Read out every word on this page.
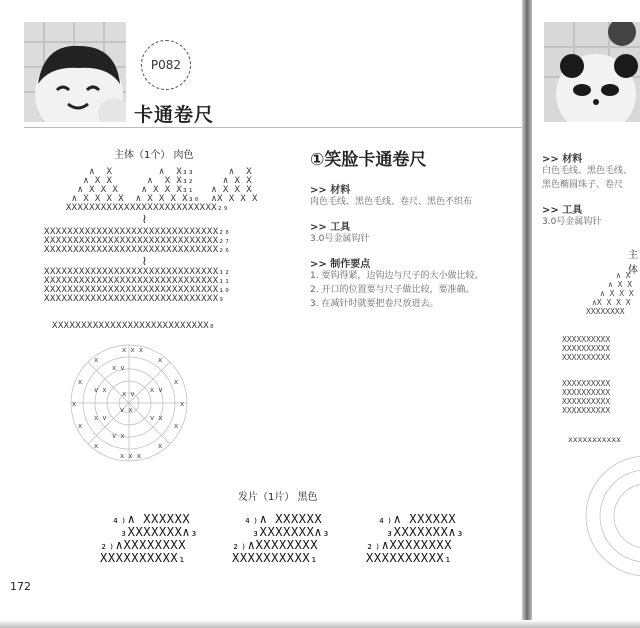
P082
卡通卷尺
主体（1个） 肉色
∧  X        ∧  X₃₃      ∧  X
∧ X X      ∧  X X₃₂     ∧ X X
∧ X X X    ∧ X X X₃₁   ∧ X X X
∧ X X X X  ∧ X X X X₃₀  ∧X X X X
XXXXXXXXXXXXXXXXXXXXXXXXXX₂₉
≀
XXXXXXXXXXXXXXXXXXXXXXXXXXXXXX₂₈
XXXXXXXXXXXXXXXXXXXXXXXXXXXXXX₂₇
XXXXXXXXXXXXXXXXXXXXXXXXXXXXXX₂₆
≀
XXXXXXXXXXXXXXXXXXXXXXXXXXXXXX₁₂
XXXXXXXXXXXXXXXXXXXXXXXXXXXXXX₁₁
XXXXXXXXXXXXXXXXXXXXXXXXXXXXXX₁₀
XXXXXXXXXXXXXXXXXXXXXXXXXXXXXX₉
XXXXXXXXXXXXXXXXXXXXXXXXXXX₈
x x x
x	x
x	x
x	x
x	x
x	x
x x x
x v
v x	x v
x v	v x
v x
x v
v x
发片（1片） 黑色
₄₎∧ XXXXXX
₃XXXXXXX∧₃
₂₎∧XXXXXXXX
XXXXXXXXXX₁
₄₎∧ XXXXXX
₃XXXXXXX∧₃
₂₎∧XXXXXXXX
XXXXXXXXXX₁
₄₎∧ XXXXXX
₃XXXXXXX∧₃
₂₎∧XXXXXXXX
XXXXXXXXXX₁
①笑脸卡通卷尺
>> 材料
肉色毛线、黑色毛线、卷尺、黑色不织布
>> 工具
3.0号金属钩针
>> 制作要点
1. 要钩得紧，边钩边与尺子的大小做比较。
2. 开口的位置要与尺子做比较，要准确。
3. 在减针时就要把卷尺放进去。
172
>> 材料
白色毛线、黑色毛线、
黑色椭圆珠子、卷尺
>> 工具
3.0号金属钩针
主体
∧ X
∧ X X
∧ X X X
∧X X X X
XXXXXXXX
XXXXXXXXXX
XXXXXXXXXX
XXXXXXXXXX
XXXXXXXXXX
XXXXXXXXXX
XXXXXXXXXX
XXXXXXXXXX
xxxxxxxxxxx
